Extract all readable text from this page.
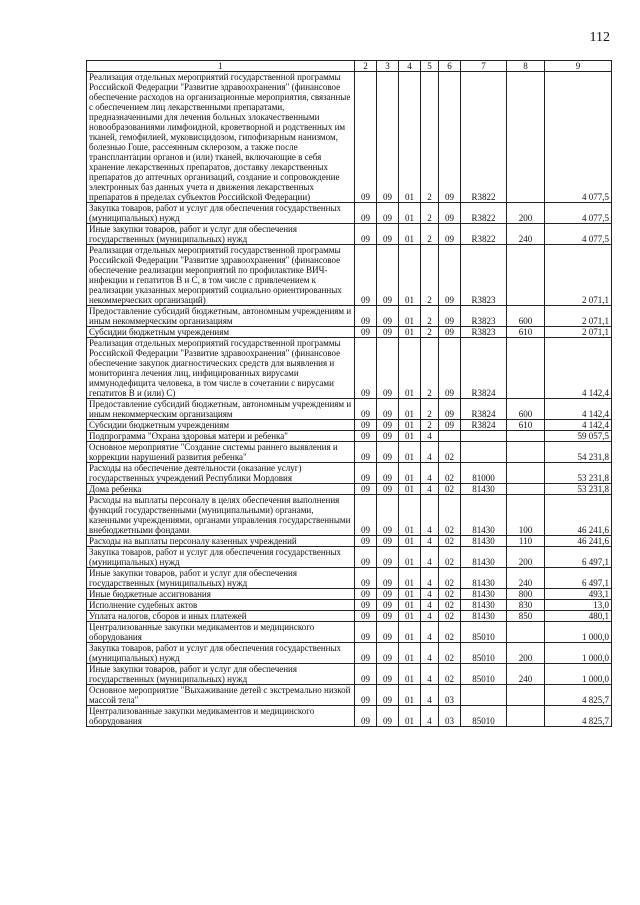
112
1	2	3	4	5	6	7	8	9
Реализация отдельных мероприятий государственной программы Российской Федерации "Развитие здравоохранения" (финансовое обеспечение расходов на организационные мероприятия, связанные с обеспечением лиц лекарственными препаратами, предназначенными для лечения больных злокачественными новообразованиями лимфоидной, кроветворной и родственных им тканей, гемофилией, муковисцидозом, гипофизарным нанизмом, болезнью Гоше, рассеянным склерозом, а также после трансплантации органов и (или) тканей, включающие в себя хранение лекарственных препаратов, доставку лекарственных препаратов до аптечных организаций, создание и сопровождение электронных баз данных учета и движения лекарственных препаратов в пределах субъектов Российской Федерации)	09	09	01	2	09	R3822		4 077,5
Закупка товаров, работ и услуг для обеспечения государственных (муниципальных) нужд	09	09	01	2	09	R3822	200	4 077,5
Иные закупки товаров, работ и услуг для обеспечения государственных (муниципальных) нужд	09	09	01	2	09	R3822	240	4 077,5
Реализация отдельных мероприятий государственной программы Российской Федерации "Развитие здравоохранения" (финансовое обеспечение реализации мероприятий по профилактике ВИЧ-инфекции и гепатитов В и С, в том числе с привлечением к реализации указанных мероприятий социально ориентированных некоммерческих организаций)	09	09	01	2	09	R3823		2 071,1
Предоставление субсидий бюджетным, автономным учреждениям и иным некоммерческим организациям	09	09	01	2	09	R3823	600	2 071,1
Субсидии бюджетным учреждениям	09	09	01	2	09	R3823	610	2 071,1
Реализация отдельных мероприятий государственной программы Российской Федерации "Развитие здравоохранения" (финансовое обеспечение закупок диагностических средств для выявления и мониторинга лечения лиц, инфицированных вирусами иммунодефицита человека, в том числе в сочетании с вирусами гепатитов В и (или) С)	09	09	01	2	09	R3824		4 142,4
Предоставление субсидий бюджетным, автономным учреждениям и иным некоммерческим организациям	09	09	01	2	09	R3824	600	4 142,4
Субсидии бюджетным учреждениям	09	09	01	2	09	R3824	610	4 142,4
Подпрограмма "Охрана здоровья матери и ребенка"	09	09	01	4				59 057,5
Основное мероприятие "Создание системы раннего выявления и коррекции нарушений развития ребенка"	09	09	01	4	02			54 231,8
Расходы на обеспечение деятельности (оказание услуг) государственных учреждений Республики Мордовия	09	09	01	4	02	81000		53 231,8
Дома ребенка	09	09	01	4	02	81430		53 231,8
Расходы на выплаты персоналу в целях обеспечения выполнения функций государственными (муниципальными) органами, казенными учреждениями, органами управления государственными внебюджетными фондами	09	09	01	4	02	81430	100	46 241,6
Расходы на выплаты персоналу казенных учреждений	09	09	01	4	02	81430	110	46 241,6
Закупка товаров, работ и услуг для обеспечения государственных (муниципальных) нужд	09	09	01	4	02	81430	200	6 497,1
Иные закупки товаров, работ и услуг для обеспечения государственных (муниципальных) нужд	09	09	01	4	02	81430	240	6 497,1
Иные бюджетные ассигнования	09	09	01	4	02	81430	800	493,1
Исполнение судебных актов	09	09	01	4	02	81430	830	13,0
Уплата налогов, сборов и иных платежей	09	09	01	4	02	81430	850	480,1
Централизованные закупки медикаментов и медицинского оборудования	09	09	01	4	02	85010		1 000,0
Закупка товаров, работ и услуг для обеспечения государственных (муниципальных) нужд	09	09	01	4	02	85010	200	1 000,0
Иные закупки товаров, работ и услуг для обеспечения государственных (муниципальных) нужд	09	09	01	4	02	85010	240	1 000,0
Основное мероприятие "Выхаживание детей с экстремально низкой массой тела"	09	09	01	4	03			4 825,7
Централизованные закупки медикаментов и медицинского оборудования	09	09	01	4	03	85010		4 825,7
